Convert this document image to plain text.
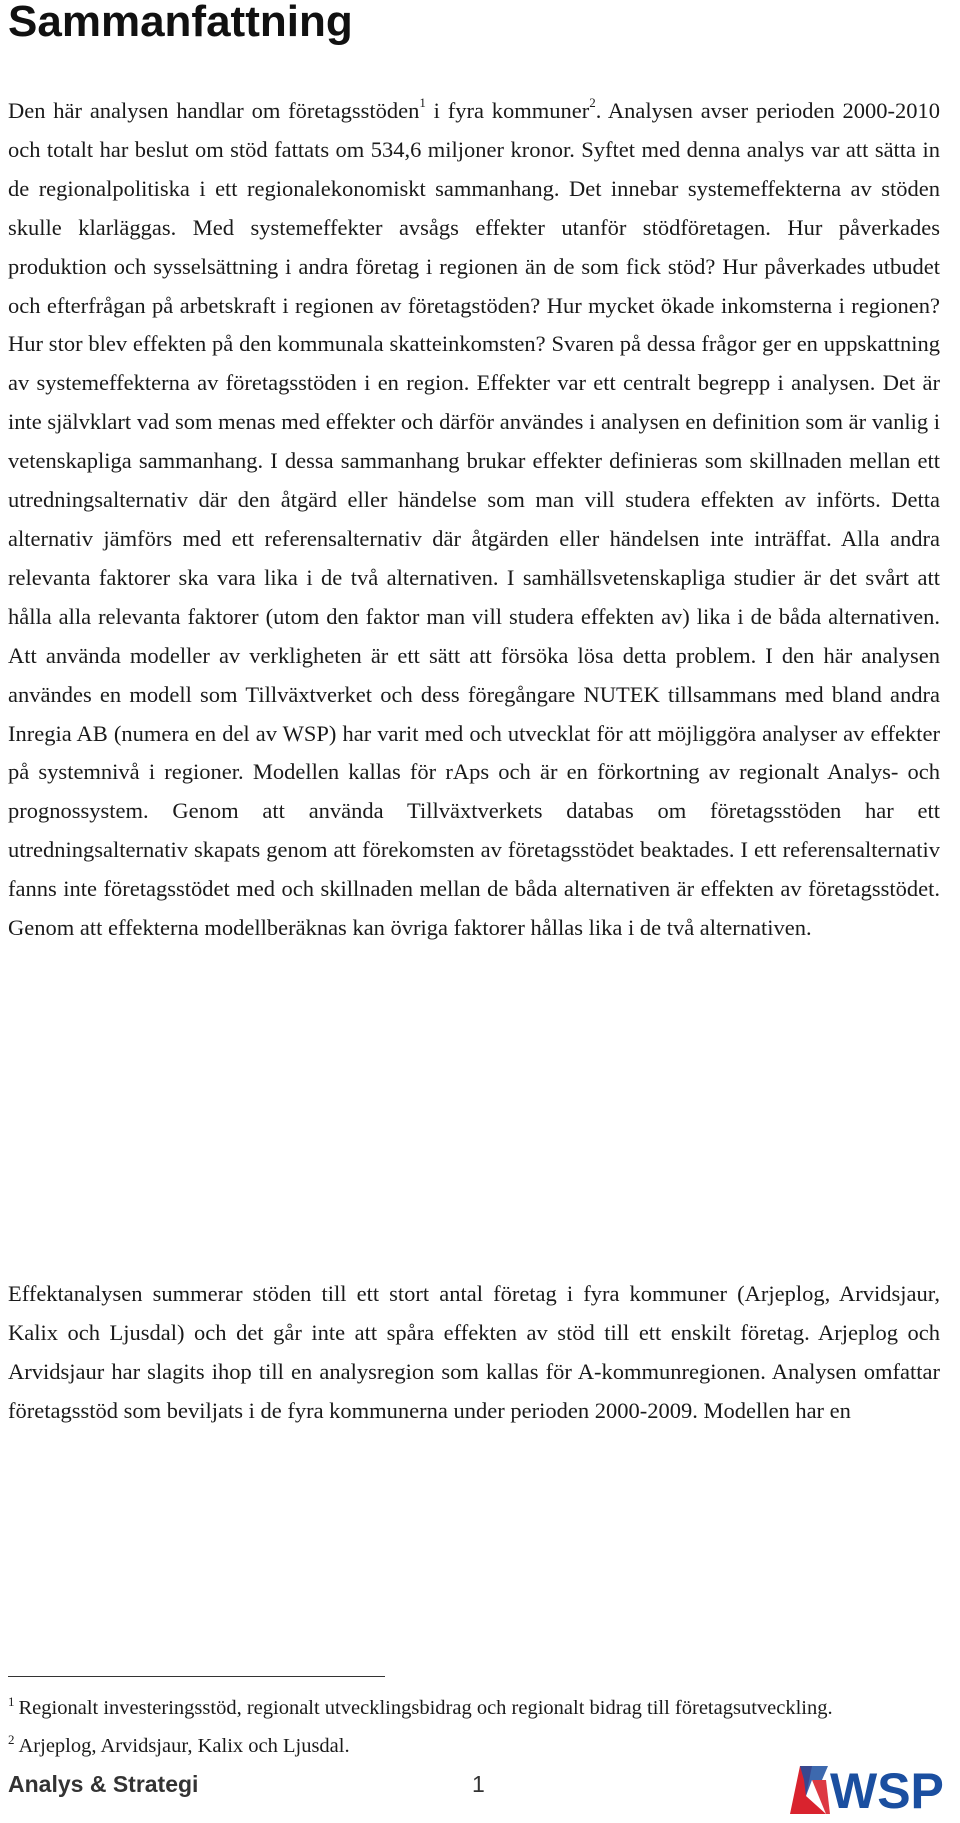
Sammanfattning

Den här analysen handlar om företagsstöden$^1$ i fyra kommuner$^2$. Analysen avser perioden 2000-2010 och totalt har beslut om stöd fattats om 534,6 miljoner kronor. Syftet med denna analys var att sätta in de regionalpolitiska i ett regionalekonomiskt sammanhang. Det innebar systemeffekterna av stöden skulle klarläggas. Med systemeffekter avsågs effekter utanför stödföretagen. Hur påverkades produktion och sysselsättning i andra företag i regionen än de som fick stöd? Hur påverkades utbudet och efterfrågan på arbetskraft i regionen av företagstöden? Hur mycket ökade inkomsterna i regionen? Hur stor blev effekten på den kommunala skatteinkomsten? Svaren på dessa frågor ger en uppskattning av systemeffekterna av företagsstöden i en region. Effekter var ett centralt begrepp i analysen. Det är inte självklart vad som menas med effekter och därför användes i analysen en definition som är vanlig i vetenskapliga sammanhang. I dessa sammanhang brukar effekter definieras som skillnaden mellan ett utredningsalternativ där den åtgärd eller händelse som man vill studera effekten av införts. Detta alternativ jämförs med ett referensalternativ där åtgärden eller händelsen inte inträffat. Alla andra relevanta faktorer ska vara lika i de två alternativen. I samhällsvetenskapliga studier är det svårt att hålla alla relevanta faktorer (utom den faktor man vill studera effekten av) lika i de båda alternativen. Att använda modeller av verkligheten är ett sätt att försöka lösa detta problem. I den här analysen användes en modell som Tillväxtverket och dess föregångare NUTEK tillsammans med bland andra Inregia AB (numera en del av WSP) har varit med och utvecklat för att möjliggöra analyser av effekter på systemnivå i regioner. Modellen kallas för rAps och är en förkortning av regionalt Analys- och prognossystem. Genom att använda Tillväxtverkets databas om företagsstöden har ett utredningsalternativ skapats genom att förekomsten av företagsstödet beaktades. I ett referensalternativ fanns inte företagsstödet med och skillnaden mellan de båda alternativen är effekten av företagsstödet. Genom att effekterna modellberäknas kan övriga faktorer hållas lika i de två alternativen.

Effektanalysen summerar stöden till ett stort antal företag i fyra kommuner (Arjeplog, Arvidsjaur, Kalix och Ljusdal) och det går inte att spåra effekten av stöd till ett enskilt företag. Arjeplog och Arvidsjaur har slagits ihop till en analysregion som kallas för A-kommunregionen. Analysen omfattar företagsstöd som beviljats i de fyra kommunerna under perioden 2000-2009. Modellen har en

$^1$ Regionalt investeringsstöd, regionalt utvecklingsbidrag och regionalt bidrag till företagsutveckling.

$^2$ Arjeplog, Arvidsjaur, Kalix och Ljusdal.

Analys & Strategi	1	WSP
